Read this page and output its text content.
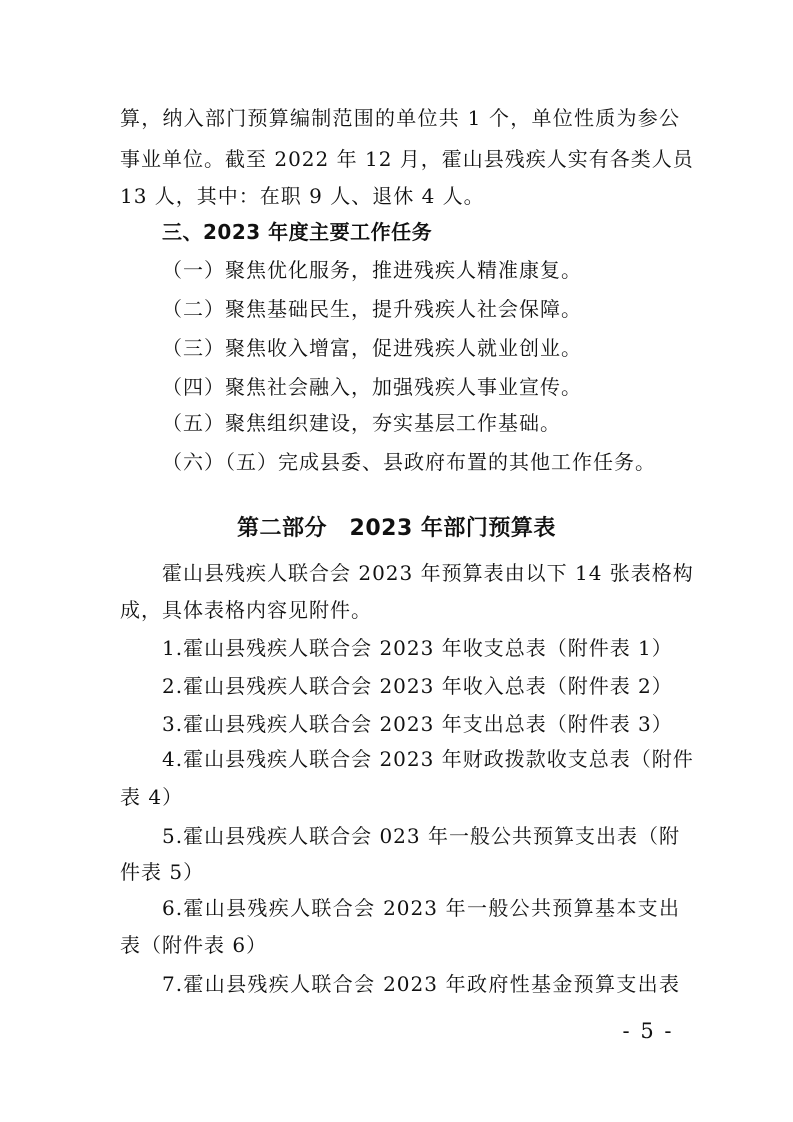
算，纳入部门预算编制范围的单位共 1 个，单位性质为参公
事业单位。截至 2022 年 12 月，霍山县残疾人实有各类人员
13 人，其中：在职 9 人、退休 4 人。
三、2023 年度主要工作任务
（一）聚焦优化服务，推进残疾人精准康复。
（二）聚焦基础民生，提升残疾人社会保障。
（三）聚焦收入增富，促进残疾人就业创业。
（四）聚焦社会融入，加强残疾人事业宣传。
（五）聚焦组织建设，夯实基层工作基础。
（六）（五）完成县委、县政府布置的其他工作任务。
第二部分　2023 年部门预算表
霍山县残疾人联合会 2023 年预算表由以下 14 张表格构
成，具体表格内容见附件。
1.霍山县残疾人联合会 2023 年收支总表（附件表 1）
2.霍山县残疾人联合会 2023 年收入总表（附件表 2）
3.霍山县残疾人联合会 2023 年支出总表（附件表 3）
4.霍山县残疾人联合会 2023 年财政拨款收支总表（附件
表 4）
5.霍山县残疾人联合会 023 年一般公共预算支出表（附
件表 5）
6.霍山县残疾人联合会 2023 年一般公共预算基本支出
表（附件表 6）
7.霍山县残疾人联合会 2023 年政府性基金预算支出表
- 5 -
